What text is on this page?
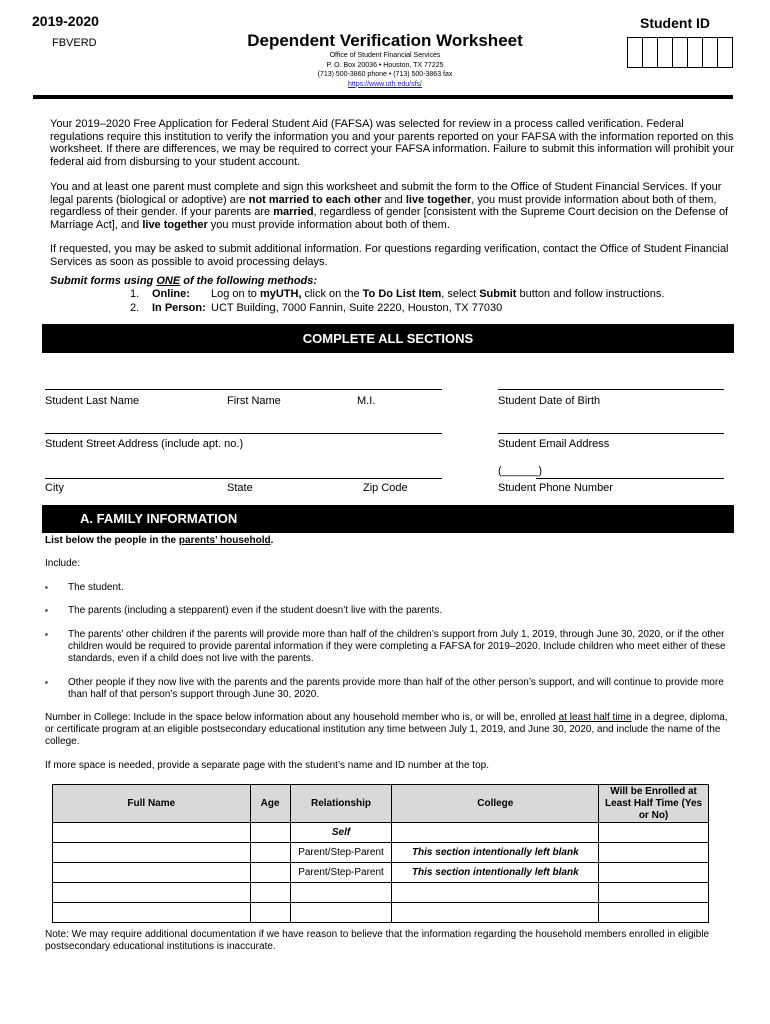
2019-2020
FBVERD	Dependent Verification Worksheet
Office of Student Financial Services
P. O. Box 20036 • Houston, TX 77225
(713) 500-3860 phone • (713) 500-3863 fax
https://www.uth.edu/sfs/
Student ID
Your 2019–2020 Free Application for Federal Student Aid (FAFSA) was selected for review in a process called verification. Federal regulations require this institution to verify the information you and your parents reported on your FAFSA with the information reported on this worksheet. If there are differences, we may be required to correct your FAFSA information. Failure to submit this information will prohibit your federal aid from disbursing to your student account.
You and at least one parent must complete and sign this worksheet and submit the form to the Office of Student Financial Services. If your legal parents (biological or adoptive) are not married to each other and live together, you must provide information about both of them, regardless of their gender. If your parents are married, regardless of gender [consistent with the Supreme Court decision on the Defense of Marriage Act], and live together you must provide information about both of them.
If requested, you may be asked to submit additional information. For questions regarding verification, contact the Office of Student Financial Services as soon as possible to avoid processing delays.
Submit forms using ONE of the following methods:
1. Online: Log on to myUTH, click on the To Do List Item, select Submit button and follow instructions.
2. In Person: UCT Building, 7000 Fannin, Suite 2220, Houston, TX 77030
COMPLETE ALL SECTIONS
Student Last Name	First Name	M.I.	Student Date of Birth
Student Street Address (include apt. no.)	Student Email Address
(______)
City	State	Zip Code	Student Phone Number
A. FAMILY INFORMATION
List below the people in the parents’ household.
Include:
▪ The student.
▪ The parents (including a stepparent) even if the student doesn’t live with the parents.
▪ The parents’ other children if the parents will provide more than half of the children’s support from July 1, 2019, through June 30, 2020, or if the other children would be required to provide parental information if they were completing a FAFSA for 2019–2020. Include children who meet either of these standards, even if a child does not live with the parents.
▪ Other people if they now live with the parents and the parents provide more than half of the other person’s support, and will continue to provide more than half of that person’s support through June 30, 2020.
Number in College: Include in the space below information about any household member who is, or will be, enrolled at least half time in a degree, diploma, or certificate program at an eligible postsecondary educational institution any time between July 1, 2019, and June 30, 2020, and include the name of the college.
If more space is needed, provide a separate page with the student’s name and ID number at the top.
Full Name	Age	Relationship	College	Will be Enrolled at Least Half Time (Yes or No)
		Self		
		Parent/Step-Parent	This section intentionally left blank	
		Parent/Step-Parent	This section intentionally left blank	

Note: We may require additional documentation if we have reason to believe that the information regarding the household members enrolled in eligible postsecondary educational institutions is inaccurate.
